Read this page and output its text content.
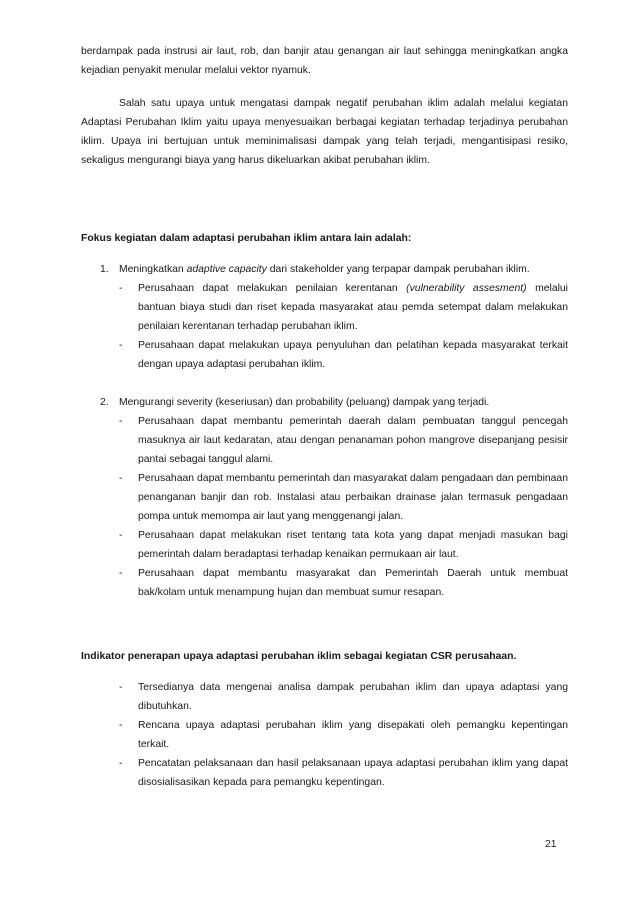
berdampak pada instrusi air laut, rob, dan banjir atau genangan air laut sehingga meningkatkan angka kejadian penyakit menular melalui vektor nyamuk.

Salah satu upaya untuk mengatasi dampak negatif perubahan iklim adalah melalui kegiatan Adaptasi Perubahan Iklim yaitu upaya menyesuaikan berbagai kegiatan terhadap terjadinya perubahan iklim. Upaya ini bertujuan untuk meminimalisasi dampak yang telah terjadi, mengantisipasi resiko, sekaligus mengurangi biaya yang harus dikeluarkan akibat perubahan iklim.

Fokus kegiatan dalam adaptasi perubahan iklim antara lain adalah:

1. Meningkatkan adaptive capacity dari stakeholder yang terpapar dampak perubahan iklim.

- Perusahaan dapat melakukan penilaian kerentanan (vulnerability assesment) melalui bantuan biaya studi dan riset kepada masyarakat atau pemda setempat dalam melakukan penilaian kerentanan terhadap perubahan iklim.
- Perusahaan dapat melakukan upaya penyuluhan dan pelatihan kepada masyarakat terkait dengan upaya adaptasi perubahan iklim.
2. Mengurangi severity (keseriusan) dan probability (peluang) dampak yang terjadi.

- Perusahaan dapat membantu pemerintah daerah dalam pembuatan tanggul pencegah masuknya air laut kedaratan, atau dengan penanaman pohon mangrove disepanjang pesisir pantai sebagai tanggul alami.
- Perusahaan dapat membantu pemerintah dan masyarakat dalam pengadaan dan pembinaan penanganan banjir dan rob. Instalasi atau perbaikan drainase jalan termasuk pengadaan pompa untuk memompa air laut yang menggenangi jalan.
- Perusahaan dapat melakukan riset tentang tata kota yang dapat menjadi masukan bagi pemerintah dalam beradaptasi terhadap kenaikan permukaan air laut.
- Perusahaan dapat membantu masyarakat dan Pemerintah Daerah untuk membuat bak/kolam untuk menampung hujan dan membuat sumur resapan.

Indikator penerapan upaya adaptasi perubahan iklim sebagai kegiatan CSR perusahaan.

- Tersedianya data mengenai analisa dampak perubahan iklim dan upaya adaptasi yang dibutuhkan.
- Rencana upaya adaptasi perubahan iklim yang disepakati oleh pemangku kepentingan terkait.
- Pencatatan pelaksanaan dan hasil pelaksanaan upaya adaptasi perubahan iklim yang dapat disosialisasikan kepada para pemangku kepentingan.
21
